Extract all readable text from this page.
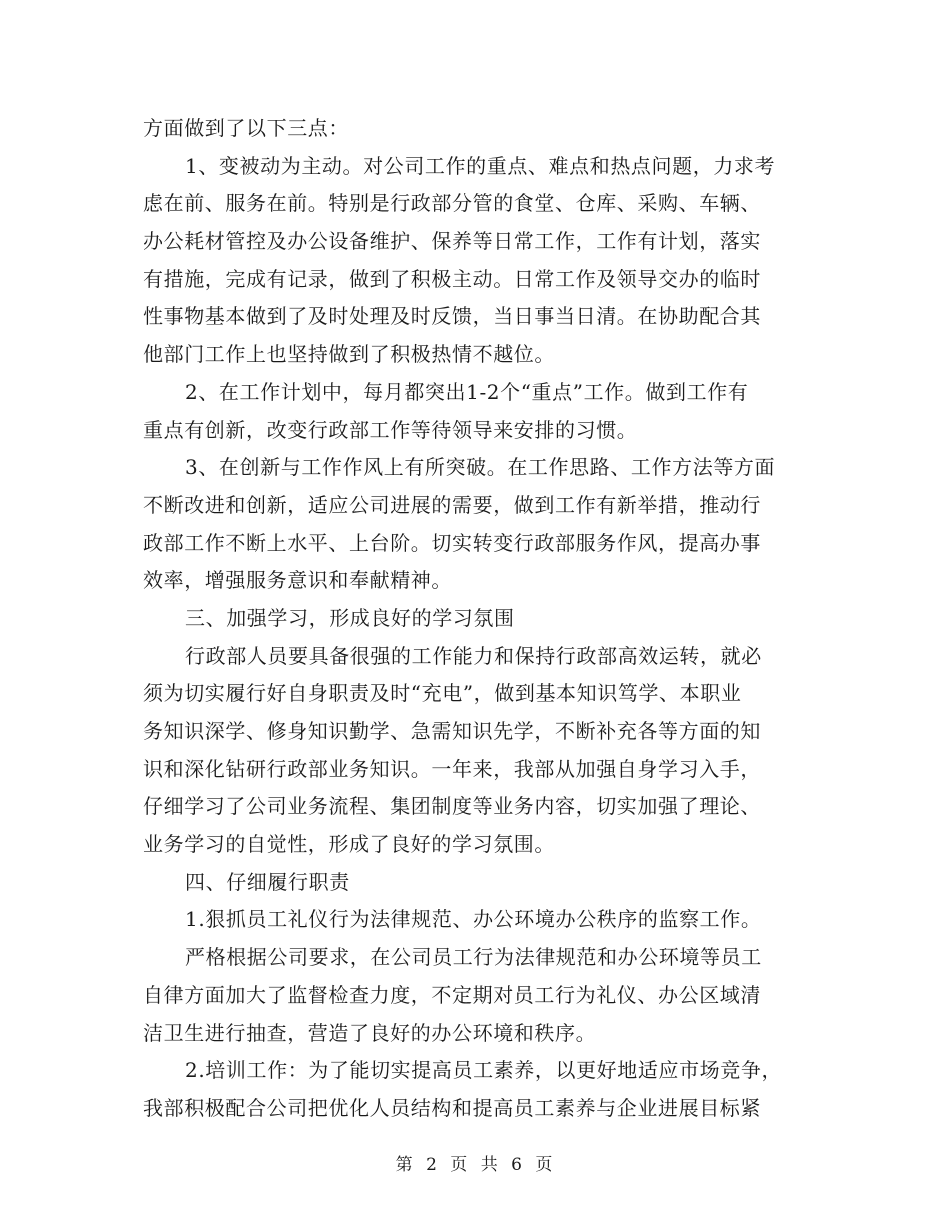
方面做到了以下三点：
1、变被动为主动。对公司工作的重点、难点和热点问题，力求考
虑在前、服务在前。特别是行政部分管的食堂、仓库、采购、车辆、
办公耗材管控及办公设备维护、保养等日常工作，工作有计划，落实
有措施，完成有记录，做到了积极主动。日常工作及领导交办的临时
性事物基本做到了及时处理及时反馈，当日事当日清。在协助配合其
他部门工作上也坚持做到了积极热情不越位。
2、在工作计划中，每月都突出1-2个“重点”工作。做到工作有
重点有创新，改变行政部工作等待领导来安排的习惯。
3、在创新与工作作风上有所突破。在工作思路、工作方法等方面
不断改进和创新，适应公司进展的需要，做到工作有新举措，推动行
政部工作不断上水平、上台阶。切实转变行政部服务作风，提高办事
效率，增强服务意识和奉献精神。
三、加强学习，形成良好的学习氛围
行政部人员要具备很强的工作能力和保持行政部高效运转，就必
须为切实履行好自身职责及时“充电”，做到基本知识笃学、本职业
务知识深学、修身知识勤学、急需知识先学，不断补充各等方面的知
识和深化钻研行政部业务知识。一年来，我部从加强自身学习入手，
仔细学习了公司业务流程、集团制度等业务内容，切实加强了理论、
业务学习的自觉性，形成了良好的学习氛围。
四、仔细履行职责
1.狠抓员工礼仪行为法律规范、办公环境办公秩序的监察工作。
严格根据公司要求，在公司员工行为法律规范和办公环境等员工
自律方面加大了监督检查力度，不定期对员工行为礼仪、办公区域清
洁卫生进行抽查，营造了良好的办公环境和秩序。
2.培训工作：为了能切实提高员工素养，以更好地适应市场竞争，
我部积极配合公司把优化人员结构和提高员工素养与企业进展目标紧
第 2 页 共 6 页
